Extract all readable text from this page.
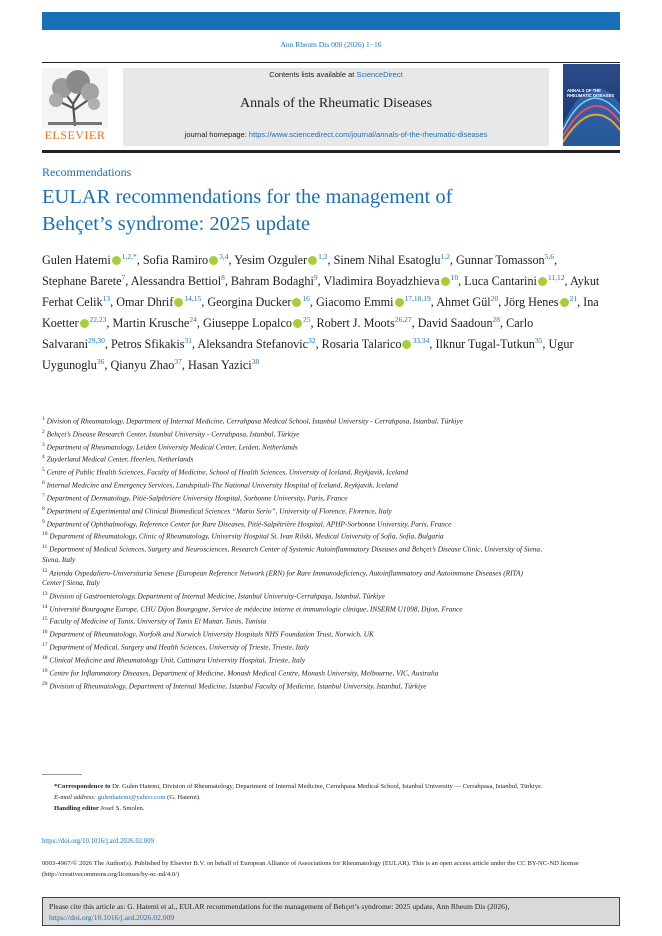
Ann Rheum Dis 000 (2026) 1−16
ELSEVIER
Contents lists available at ScienceDirect
Annals of the Rheumatic Diseases
journal homepage: https://www.sciencedirect.com/journal/annals-of-the-rheumatic-diseases
ANNALS OF THE RHEUMATIC DISEASES
Recommendations
EULAR recommendations for the management of
Behçet’s syndrome: 2025 update
Gulen Hatemi $^{1,2,*}$, Sofia Ramiro $^{3,4}$, Yesim Ozguler $^{1,2}$, Sinem Nihal Esatoglu$^{1,2}$, Gunnar Tomasson$^{5,6}$, Stephane Barete$^7$, Alessandra Bettiol$^8$, Bahram Bodaghi$^9$, Vladimira Boyadzhieva $^{10}$, Luca Cantarini $^{11,12}$, Aykut Ferhat Celik$^{13}$, Omar Dhrif $^{14,15}$, Georgina Ducker $^{16}$, Giacomo Emmi $^{17,18,19}$, Ahmet Gül$^{20}$, Jörg Henes $^{21}$, Ina Koetter $^{22,23}$, Martin Krusche$^{24}$, Giuseppe Lopalco $^{25}$, Robert J. Moots$^{26,27}$, David Saadoun$^{28}$, Carlo Salvarani$^{29,30}$, Petros Sfikakis$^{31}$, Aleksandra Stefanovic$^{32}$, Rosaria Talarico $^{33,34}$, Ilknur Tugal-Tutkun$^{35}$, Ugur Uygunoglu$^{36}$, Qianyu Zhao$^{37}$, Hasan Yazici$^{38}$

$^1$ Division of Rheumatology, Department of Internal Medicine, Cerrahpasa Medical School, Istanbul University - Cerrahpasa, Istanbul, Türkiye

$^2$ Behçet’s Disease Research Center, Istanbul University - Cerrahpasa, Istanbul, Türkiye

$^3$ Department of Rheumatology, Leiden University Medical Center, Leiden, Netherlands

$^4$ Zuyderland Medical Center, Heerlen, Netherlands

$^5$ Centre of Public Health Sciences, Faculty of Medicine, School of Health Sciences, University of Iceland, Reykjavik, Iceland

$^6$ Internal Medicine and Emergency Services, Landspitali-The National University Hospital of Iceland, Reykjavik, Iceland

$^7$ Department of Dermatology, Pitié-Salpêtrière University Hospital, Sorbonne University, Paris, France

$^8$ Department of Experimental and Clinical Biomedical Sciences “Mario Serio”, University of Florence, Florence, Italy

$^9$ Department of Ophthalmology, Reference Center for Rare Diseases, Pitié-Salpêtrière Hospital, APHP-Sorbonne University, Paris, France

$^{10}$ Department of Rheumatology, Clinic of Rheumatology, University Hospital St. Ivan Rilski, Medical University of Sofia, Sofia, Bulgaria

$^{11}$ Department of Medical Sciences, Surgery and Neurosciences, Research Center of Systemic Autoinflammatory Diseases and Behçet’s Disease Clinic, University of Siena, Siena, Italy

$^{12}$ Azienda Ospedaliero-Universitaria Senese [European Reference Network (ERN) for Rare Immunodeficiency, Autoinflammatory and Autoimmune Diseases (RITA) Center] Siena, Italy

$^{13}$ Division of Gastroenterology, Department of Internal Medicine, Istanbul University-Cerrahpaşa, Istanbul, Türkiye

$^{14}$ Université Bourgogne Europe, CHU Dijon Bourgogne, Service de médecine interne et immunologie clinique, INSERM U1098, Dijon, France

$^{15}$ Faculty of Medicine of Tunis, University of Tunis El Manar, Tunis, Tunisia

$^{16}$ Department of Rheumatology, Norfolk and Norwich University Hospitals NHS Foundation Trust, Norwich, UK

$^{17}$ Department of Medical, Surgery and Health Sciences, University of Trieste, Trieste, Italy

$^{18}$ Clinical Medicine and Rheumatology Unit, Cattinara University Hospital, Trieste, Italy

$^{19}$ Centre for Inflammatory Diseases, Department of Medicine, Monash Medical Centre, Monash University, Melbourne, VIC, Australia

$^{20}$ Division of Rheumatology, Department of Internal Medicine, Istanbul Faculty of Medicine, Istanbul University, Istanbul, Türkiye

*Correspondence to Dr. Gulen Hatemi, Division of Rheumatology, Department of Internal Medicine, Cerrahpasa Medical School, Istanbul University — Cerrahpasa, Istanbul, Türkiye.
E-mail address: gulenhatemi@yahoo.com (G. Hatemi).
Handling editor Josef S. Smolen.
https://doi.org/10.1016/j.ard.2026.02.009
0003-4967/© 2026 The Author(s). Published by Elsevier B.V. on behalf of European Alliance of Associations for Rheumatology (EULAR). This is an open access article under the CC BY-NC-ND license (http://creativecommons.org/licenses/by-nc-nd/4.0/)
Please cite this article as: G. Hatemi et al., EULAR recommendations for the management of Behçet’s syndrome: 2025 update, Ann Rheum Dis (2026), https://doi.org/10.1016/j.ard.2026.02.009
